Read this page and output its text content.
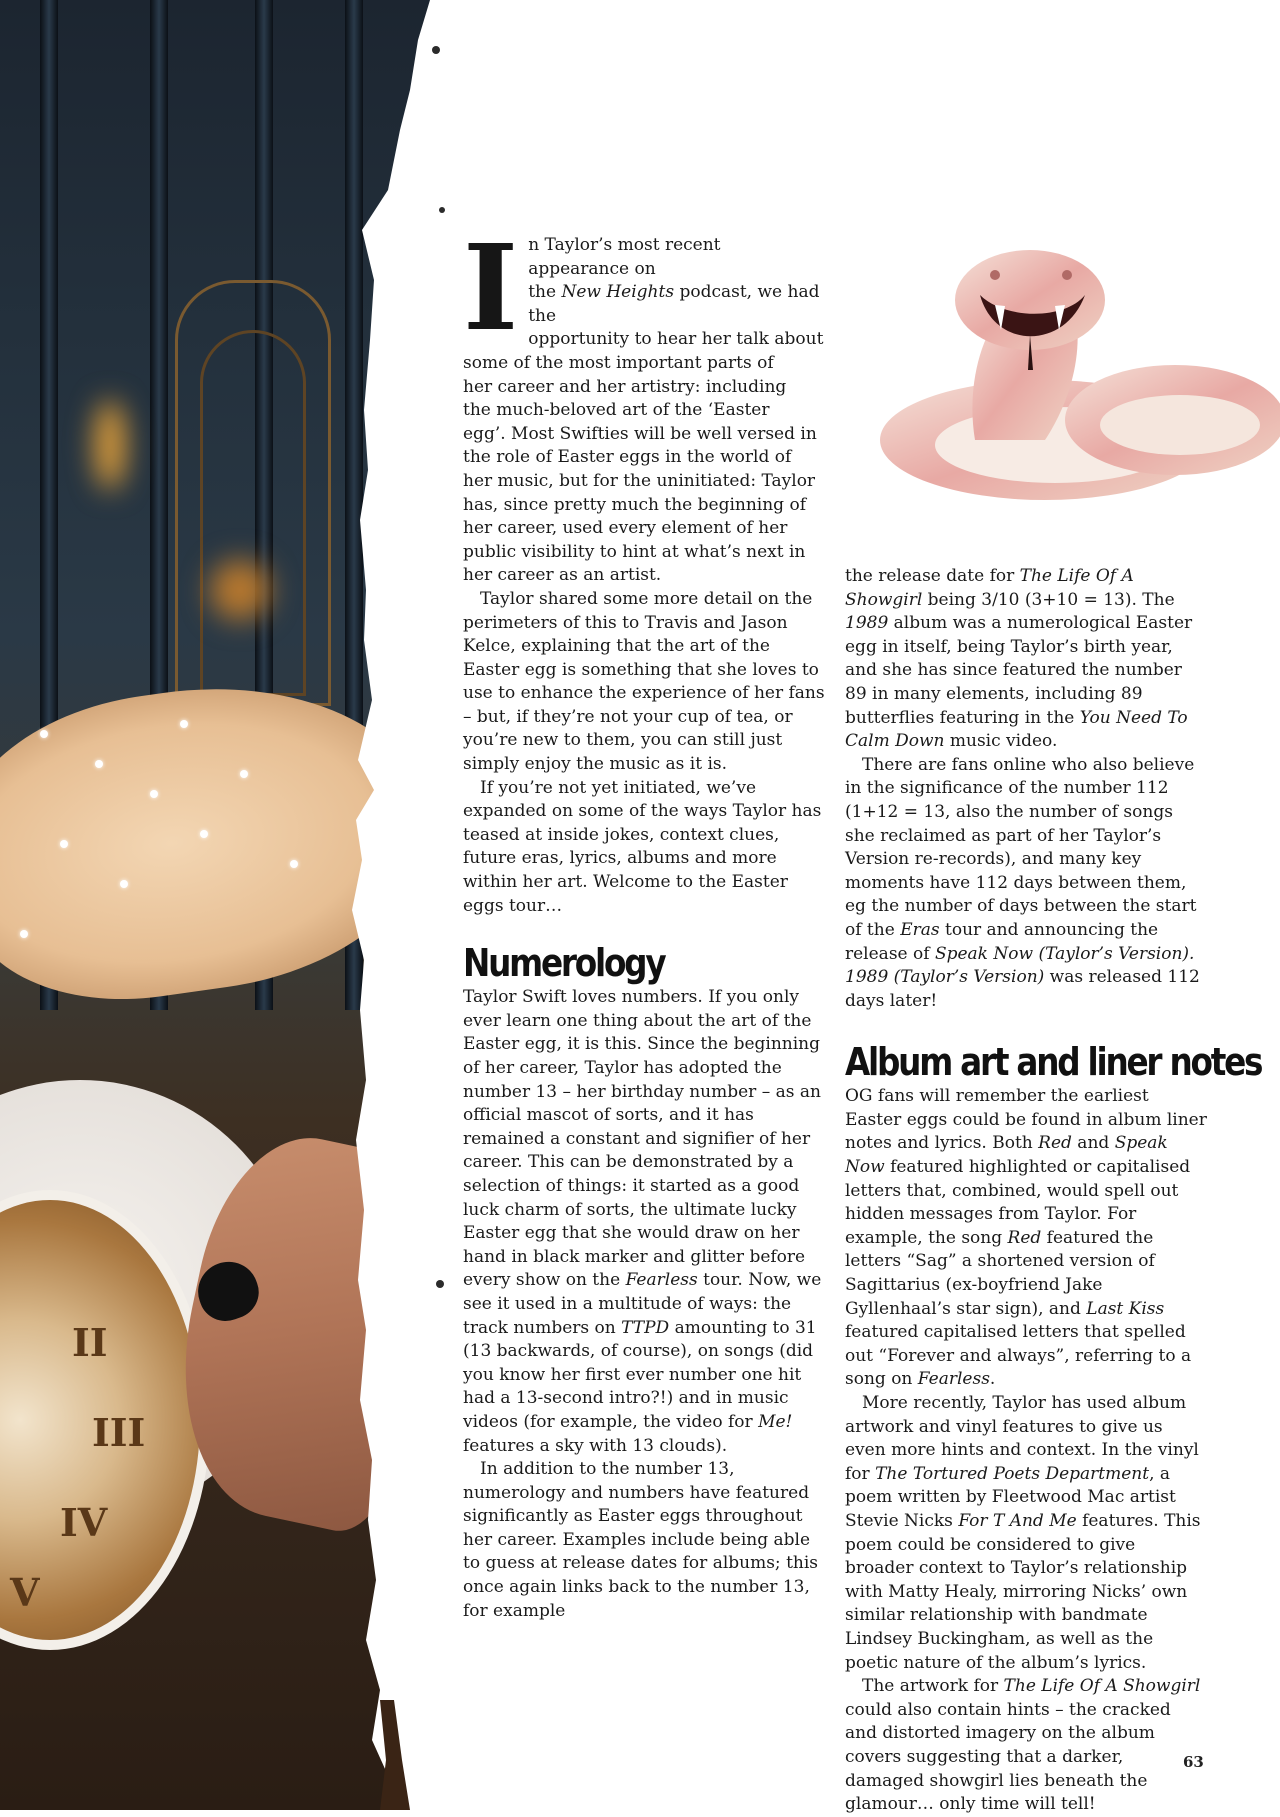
II
III
IV
V
I n Taylor’s most recent appearance on
the New Heights podcast, we had the
opportunity to hear her talk about
some of the most important parts of
her career and her artistry: including
the much-beloved art of the ‘Easter
egg’. Most Swifties will be well versed in the role of Easter eggs in the world of her music, but for the uninitiated: Taylor has, since pretty much the beginning of her career, used every element of her public visibility to hint at what’s next in her career as an artist.

Taylor shared some more detail on the perimeters of this to Travis and Jason Kelce, explaining that the art of the Easter egg is something that she loves to use to enhance the experience of her fans – but, if they’re not your cup of tea, or you’re new to them, you can still just simply enjoy the music as it is.

If you’re not yet initiated, we’ve expanded on some of the ways Taylor has teased at inside jokes, context clues, future eras, lyrics, albums and more within her art. Welcome to the Easter eggs tour…

Numerology

Taylor Swift loves numbers. If you only ever learn one thing about the art of the Easter egg, it is this. Since the beginning of her career, Taylor has adopted the number 13 – her birthday number – as an official mascot of sorts, and it has remained a constant and signifier of her career. This can be demonstrated by a selection of things: it started as a good luck charm of sorts, the ultimate lucky Easter egg that she would draw on her hand in black marker and glitter before every show on the Fearless tour. Now, we see it used in a multitude of ways: the track numbers on TTPD amounting to 31 (13 backwards, of course), on songs (did you know her first ever number one hit had a 13-second intro?!) and in music videos (for example, the video for Me! features a sky with 13 clouds).

In addition to the number 13, numerology and numbers have featured significantly as Easter eggs throughout her career. Examples include being able to guess at release dates for albums; this once again links back to the number 13, for example

the release date for The Life Of A Showgirl being 3/10 (3+10 = 13). The 1989 album was a numerological Easter egg in itself, being Taylor’s birth year, and she has since featured the number 89 in many elements, including 89 butterflies featuring in the You Need To Calm Down music video.

There are fans online who also believe in the significance of the number 112 (1+12 = 13, also the number of songs she reclaimed as part of her Taylor’s Version re-records), and many key moments have 112 days between them, eg the number of days between the start of the Eras tour and announcing the release of Speak Now (Taylor’s Version). 1989 (Taylor’s Version) was released 112 days later!

Album art and liner notes

OG fans will remember the earliest Easter eggs could be found in album liner notes and lyrics. Both Red and Speak Now featured highlighted or capitalised letters that, combined, would spell out hidden messages from Taylor. For example, the song Red featured the letters “Sag” a shortened version of Sagittarius (ex-boyfriend Jake Gyllenhaal’s star sign), and Last Kiss featured capitalised letters that spelled out “Forever and always”, referring to a song on Fearless.

More recently, Taylor has used album artwork and vinyl features to give us even more hints and context. In the vinyl for The Tortured Poets Department, a poem written by Fleetwood Mac artist Stevie Nicks For T And Me features. This poem could be considered to give broader context to Taylor’s relationship with Matty Healy, mirroring Nicks’ own similar relationship with bandmate Lindsey Buckingham, as well as the poetic nature of the album’s lyrics.

The artwork for The Life Of A Showgirl could also contain hints – the cracked and distorted imagery on the album covers suggesting that a darker, damaged showgirl lies beneath the glamour… only time will tell!

63
